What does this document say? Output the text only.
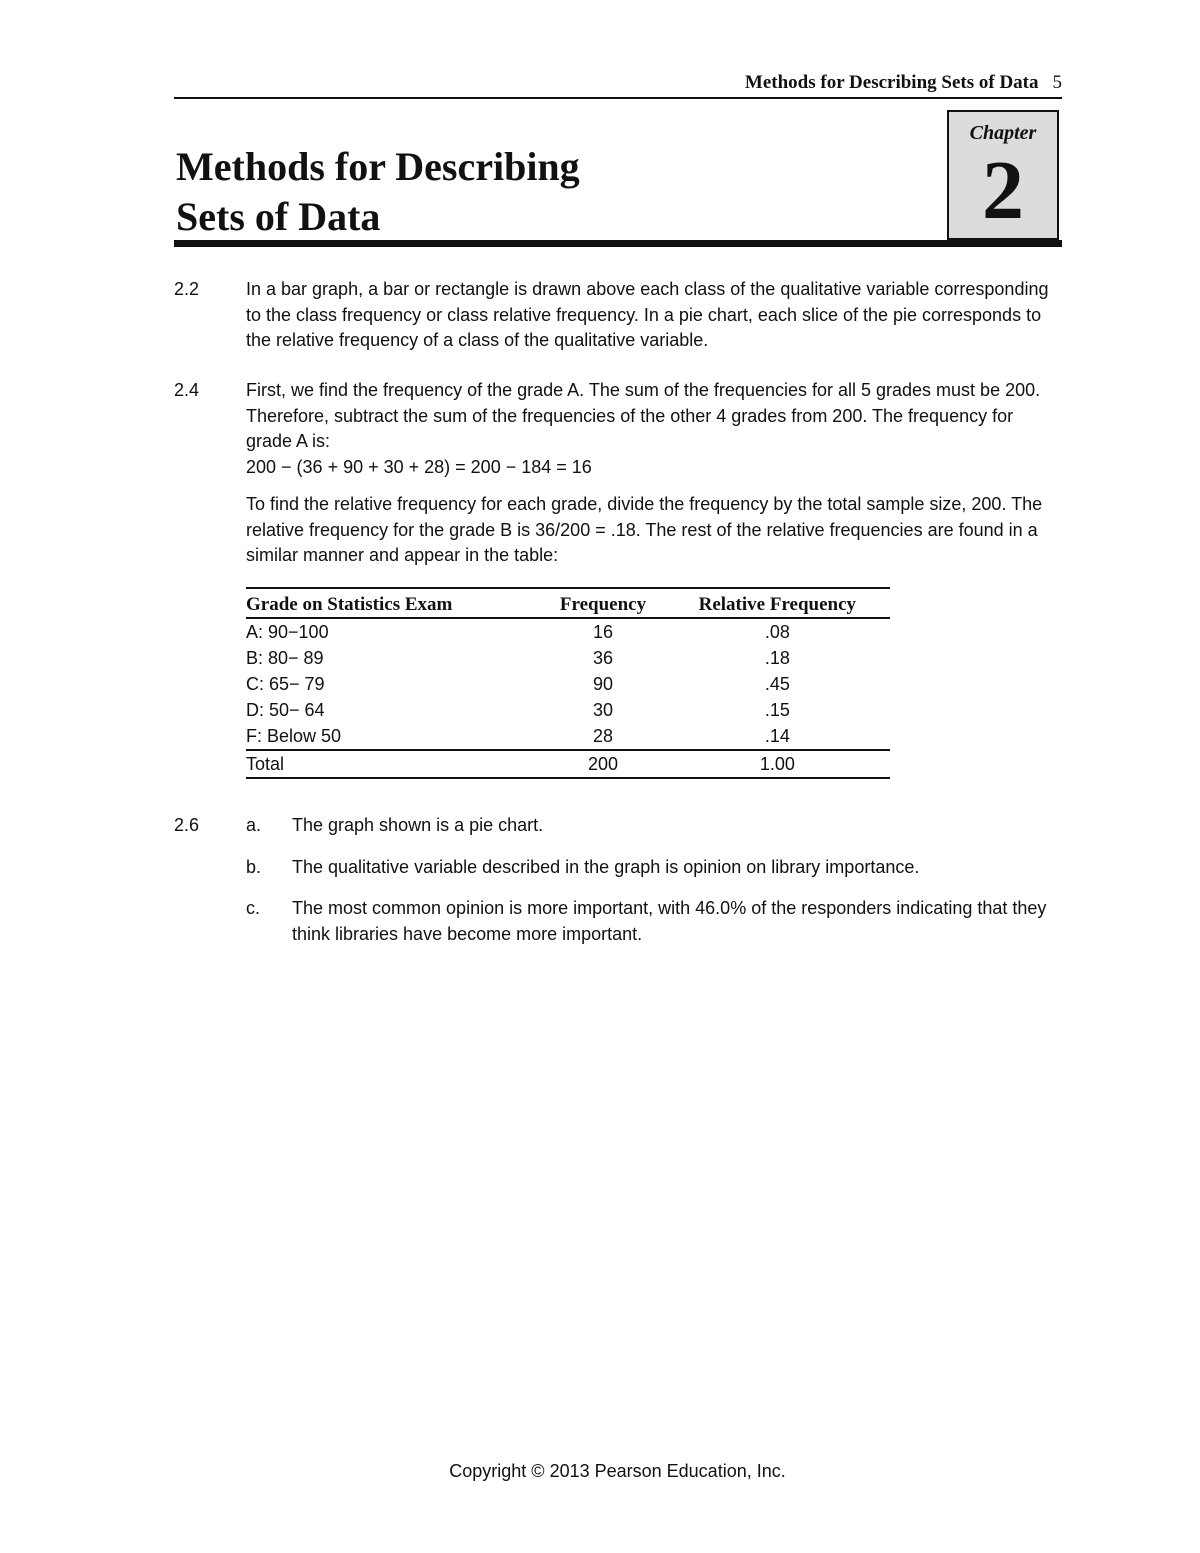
Methods for Describing Sets of Data 5
Methods for Describing
Sets of Data
Chapter
2
2.2	In a bar graph, a bar or rectangle is drawn above each class of the qualitative variable corresponding to the class frequency or class relative frequency. In a pie chart, each slice of the pie corresponds to the relative frequency of a class of the qualitative variable.

2.4	First, we find the frequency of the grade A. The sum of the frequencies for all 5 grades must be 200. Therefore, subtract the sum of the frequencies of the other 4 grades from 200. The frequency for grade A is:

200 − (36 + 90 + 30 + 28) = 200 − 184 = 16

To find the relative frequency for each grade, divide the frequency by the total sample size, 200. The relative frequency for the grade B is 36/200 = .18. The rest of the relative frequencies are found in a similar manner and appear in the table:

Grade on Statistics Exam	Frequency	Relative Frequency
A: 90−100	16	.08
B: 80− 89	36	.18
C: 65− 79	90	.45
D: 50− 64	30	.15
F: Below 50	28	.14
Total	200	1.00
2.6	a. The graph shown is a pie chart.
b. The qualitative variable described in the graph is opinion on library importance.
c. The most common opinion is more important, with 46.0% of the responders indicating that they think libraries have become more important.
Copyright © 2013 Pearson Education, Inc.
